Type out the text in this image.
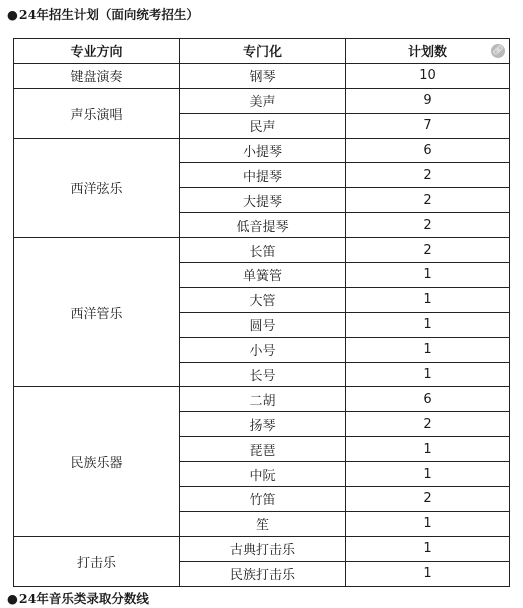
●24年招生计划（面向统考招生）
专业方向	专门化	计划数 🔗︎

键盘演奏	钢琴	10
声乐演唱	美声	9
	民声	7
西洋弦乐	小提琴	6
	中提琴	2
	大提琴	2
	低音提琴	2
西洋管乐	长笛	2
	单簧管	1
	大管	1
	圆号	1
	小号	1
	长号	1
民族乐器	二胡	6
	扬琴	2
	琵琶	1
	中阮	1
	竹笛	2
	笙	1
打击乐	古典打击乐	1
	民族打击乐	1
●24年音乐类录取分数线
